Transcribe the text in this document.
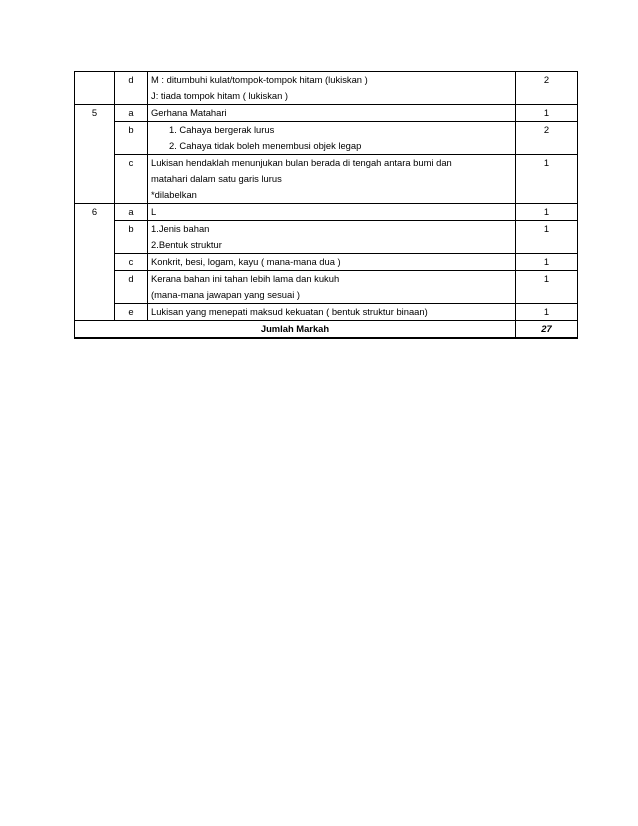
	d	M : ditumbuhi kulat/tompok-tompok hitam (lukiskan )
J: tiada tompok hitam ( lukiskan )	2
5	a	Gerhana Matahari	1
	b	1. Cahaya bergerak lurus
2. Cahaya tidak boleh menembusi objek legap	2
	c	Lukisan hendaklah menunjukan bulan berada di tengah antara bumi dan
matahari dalam satu garis lurus
*dilabelkan	1
6	a	L	1
	b	1.Jenis bahan
2.Bentuk struktur	1
	c	Konkrit, besi, logam, kayu ( mana-mana dua )	1
	d	Kerana bahan ini tahan lebih lama dan kukuh
(mana-mana jawapan yang sesuai )	1
	e	Lukisan yang menepati maksud kekuatan ( bentuk struktur binaan)	1
Jumlah Markah			27
